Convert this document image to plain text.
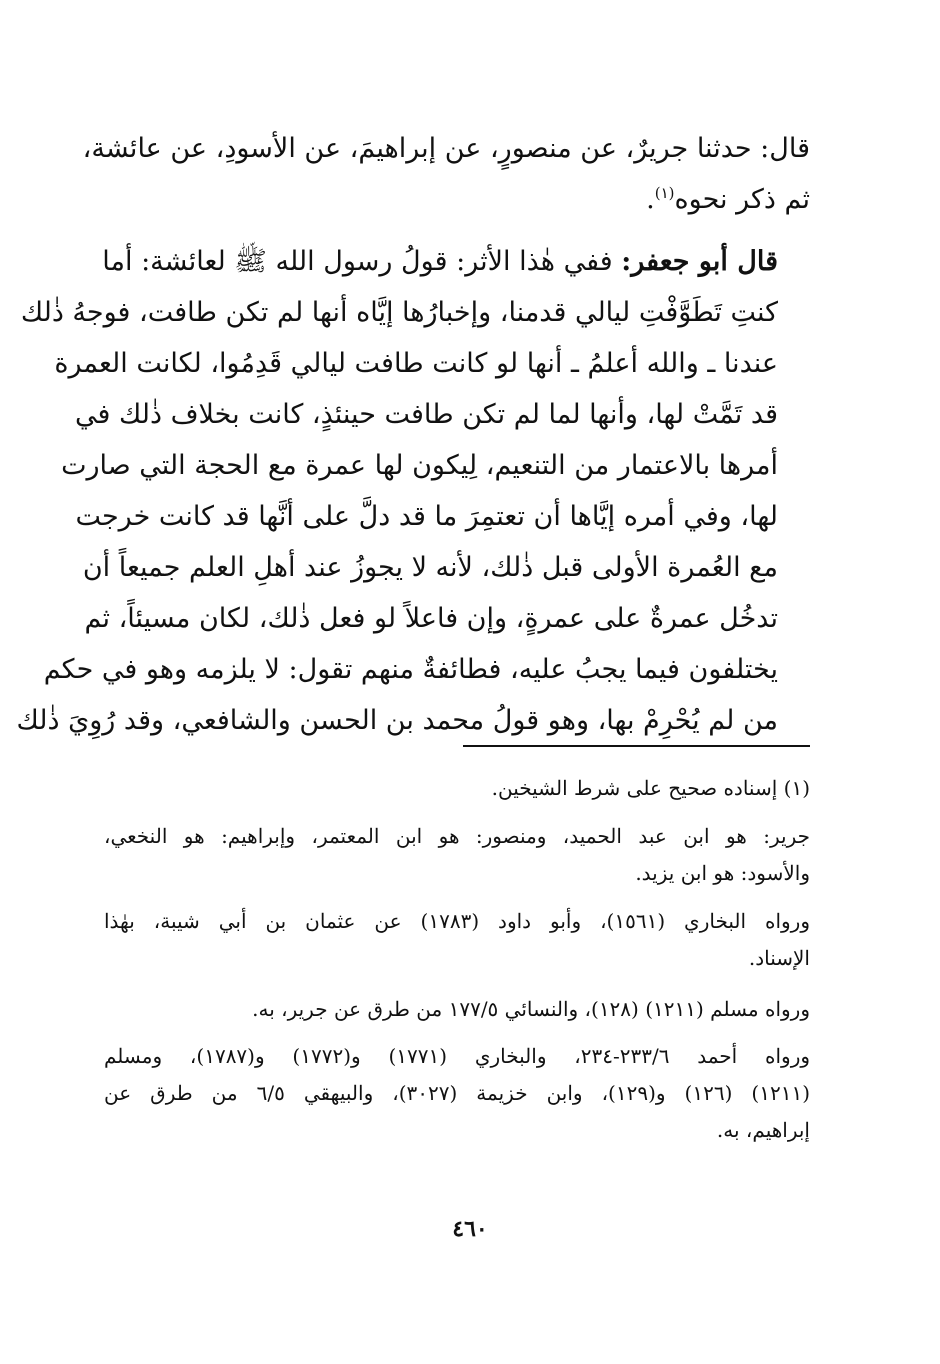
قال: حدثنا جريرٌ، عن منصورٍ، عن إبراهيمَ، عن الأسودِ، عن عائشة،
ثم ذكر نحوه$^{(١)}$.
قال أبو جعفر: ففي هٰذا الأثر: قولُ رسول الله ﷺ لعائشة: أما
كنتِ تَطَوَّفْتِ ليالي قدمنا، وإخبارُها إيَّاه أنها لم تكن طافت، فوجهُ ذٰلك
عندنا ـ والله أعلمُ ـ أنها لو كانت طافت ليالي قَدِمُوا، لكانت العمرة
قد تَمَّتْ لها، وأنها لما لم تكن طافت حينئذٍ، كانت بخلاف ذٰلك في
أمرها بالاعتمار من التنعيم، لِيكون لها عمرة مع الحجة التي صارت
لها، وفي أمره إيَّاها أن تعتمِرَ ما قد دلَّ على أنَّها قد كانت خرجت
مع العُمرة الأولى قبل ذٰلك، لأنه لا يجوزُ عند أهلِ العلم جميعاً أن
تدخُل عمرةٌ على عمرةٍ، وإن فاعلاً لو فعل ذٰلك، لكان مسيئاً، ثم
يختلفون فيما يجبُ عليه، فطائفةٌ منهم تقول: لا يلزمه وهو في حكم
من لم يُحْرِمْ بها، وهو قولُ محمد بن الحسن والشافعي، وقد رُوِيَ ذٰلك
(١) إسناده صحيح على شرط الشيخين.
جرير: هو ابن عبد الحميد، ومنصور: هو ابن المعتمر، وإبراهيم: هو النخعي،
والأسود: هو ابن يزيد.
ورواه البخاري (١٥٦١)، وأبو داود (١٧٨٣) عن عثمان بن أبي شيبة، بهٰذا
الإسناد.
ورواه مسلم (١٢١١) (١٢٨)، والنسائي ١٧٧/٥ من طرق عن جرير، به.
ورواه أحمد ٢٣٣/٦-٢٣٤، والبخاري (١٧٧١) و(١٧٧٢) و(١٧٨٧)، ومسلم
(١٢١١) (١٢٦) و(١٢٩)، وابن خزيمة (٣٠٢٧)، والبيهقي ٦/٥ من طرق عن
إبراهيم، به.
٤٦٠
